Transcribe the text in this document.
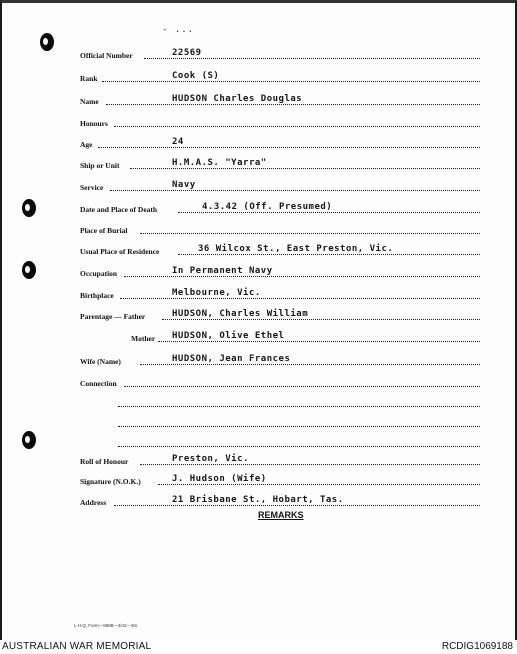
- ...
Official Number	22569
Rank	Cook (S)
Name	HUDSON Charles Douglas
Honours
Age	24
Ship or Unit	H.M.A.S. "Yarra"
Service	Navy
Date and Place of Death	4.3.42 (Off. Presumed)
Place of Burial
Usual Place of Residence	36 Wilcox St., East Preston, Vic.
Occupation	In Permanent Navy
Birthplace	Melbourne, Vic.
Parentage — Father	HUDSON, Charles William
Mother HUDSON, Olive Ethel
Wife (Name)	HUDSON, Jean Frances
Connection
Roll of Honour	Preston, Vic.
Signature (N.O.K.)	J. Hudson (Wife)
Address	21 Brisbane St., Hobart, Tas.
REMARKS
L.H.Q. Form—5888—4/42—3m.
AUSTRALIAN WAR MEMORIAL	RCDIG1069188
